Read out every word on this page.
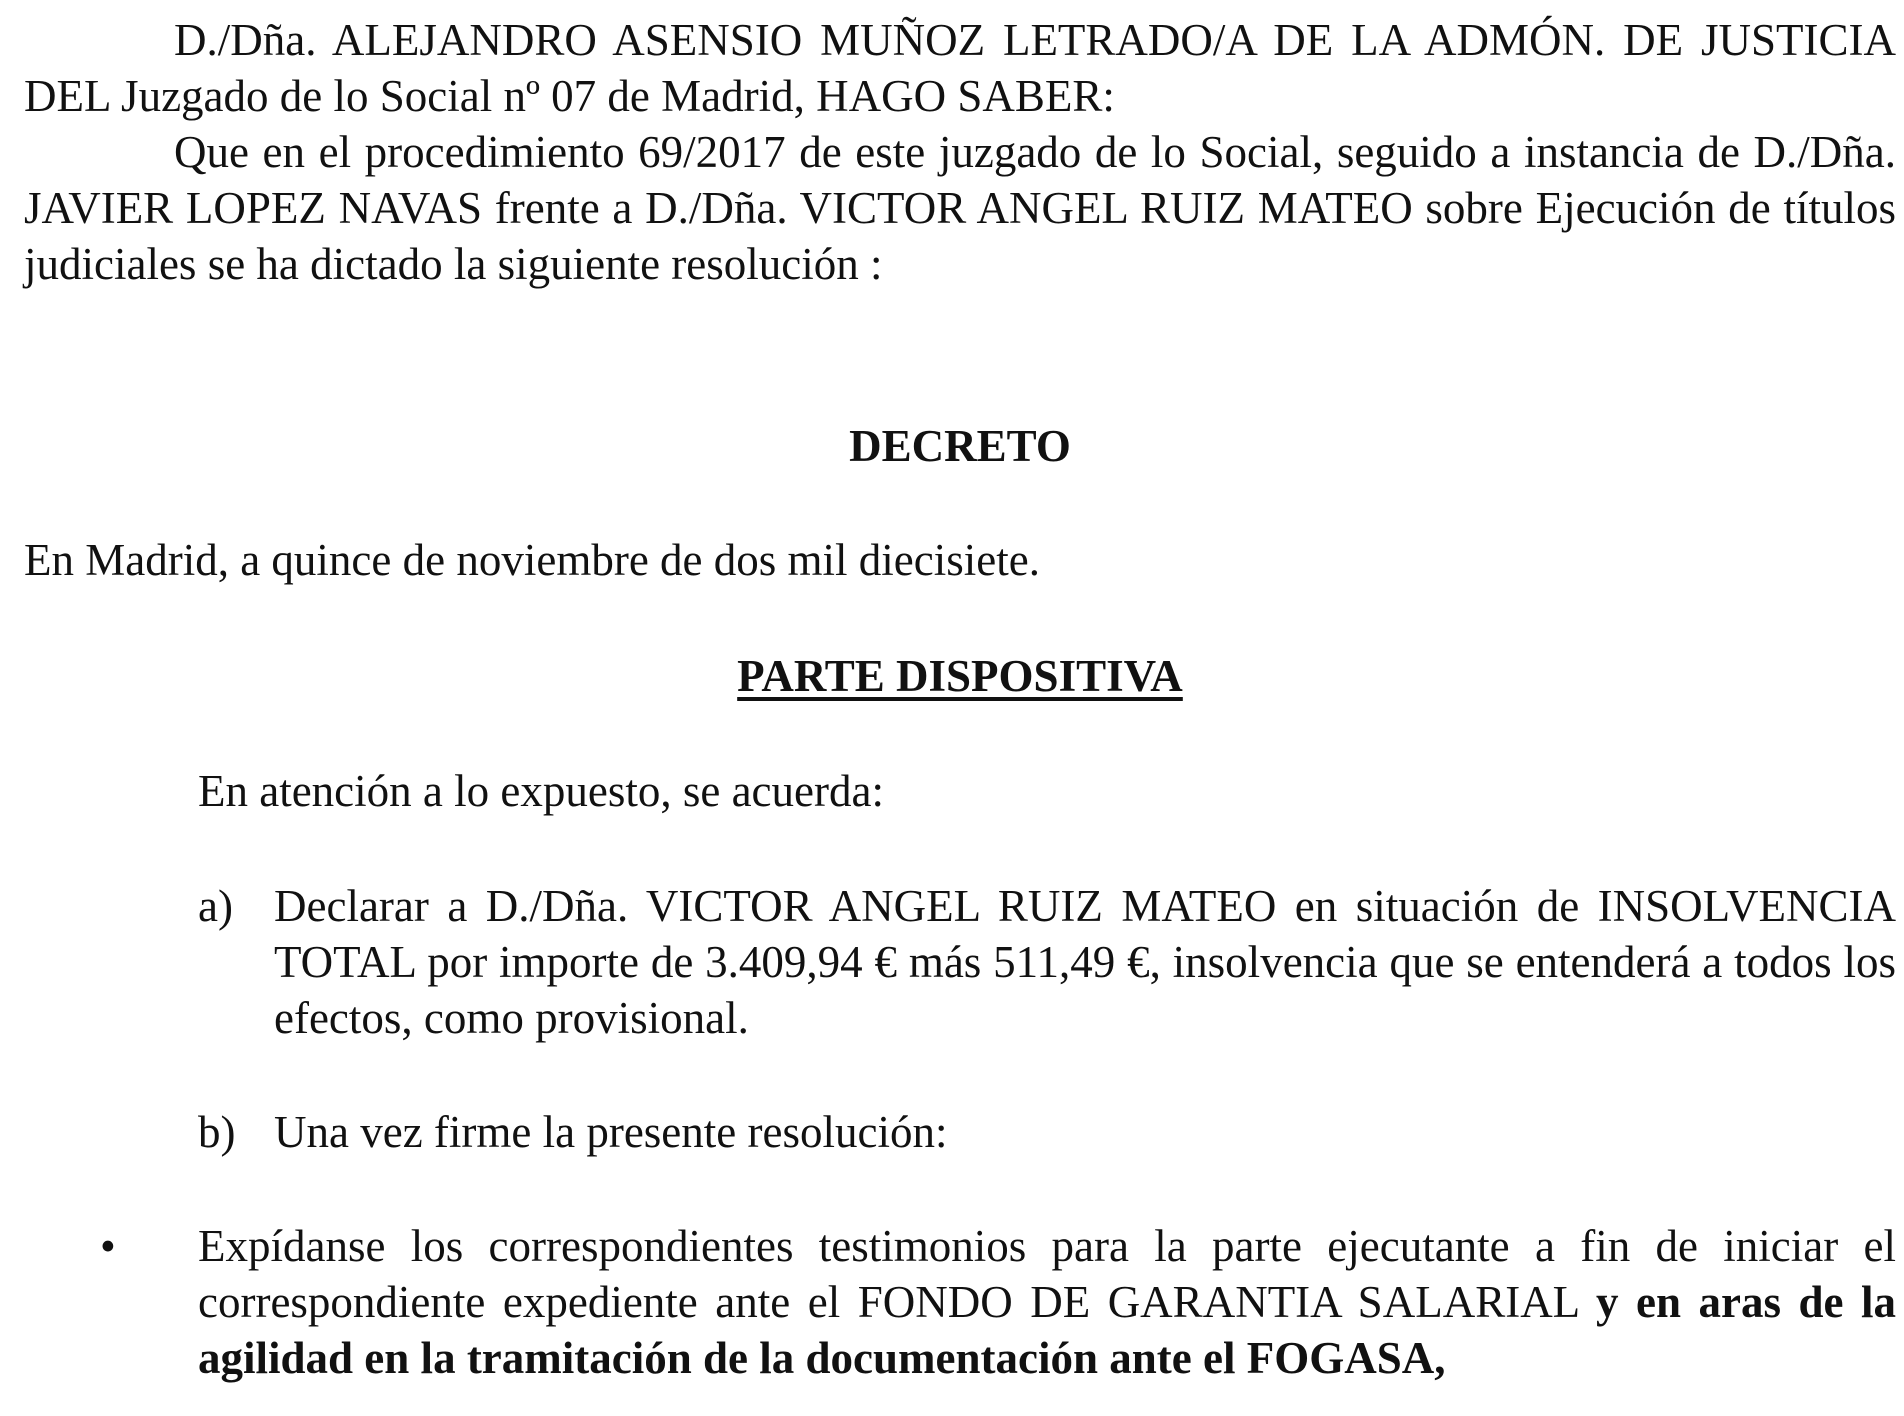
D./Dña. ALEJANDRO ASENSIO MUÑOZ LETRADO/A DE LA ADMÓN. DE JUSTICIA DEL Juzgado de lo Social nº 07 de Madrid, HAGO SABER:

Que en el procedimiento 69/2017 de este juzgado de lo Social, seguido a instancia de D./Dña. JAVIER LOPEZ NAVAS frente a D./Dña. VICTOR ANGEL RUIZ MATEO sobre Ejecución de títulos judiciales se ha dictado la siguiente resolución :

DECRETO

En Madrid, a quince de noviembre de dos mil diecisiete.

PARTE DISPOSITIVA

En atención a lo expuesto, se acuerda:

a) Declarar a D./Dña. VICTOR ANGEL RUIZ MATEO en situación de INSOLVENCIA TOTAL por importe de 3.409,94 € más 511,49 €, insolvencia que se entenderá a todos los efectos, como provisional.

b) Una vez firme la presente resolución:

•	Expídanse los correspondientes testimonios para la parte ejecutante a fin de iniciar el correspondiente expediente ante el FONDO DE GARANTIA SALARIAL y en aras de la agilidad en la tramitación de la documentación ante el FOGASA,
